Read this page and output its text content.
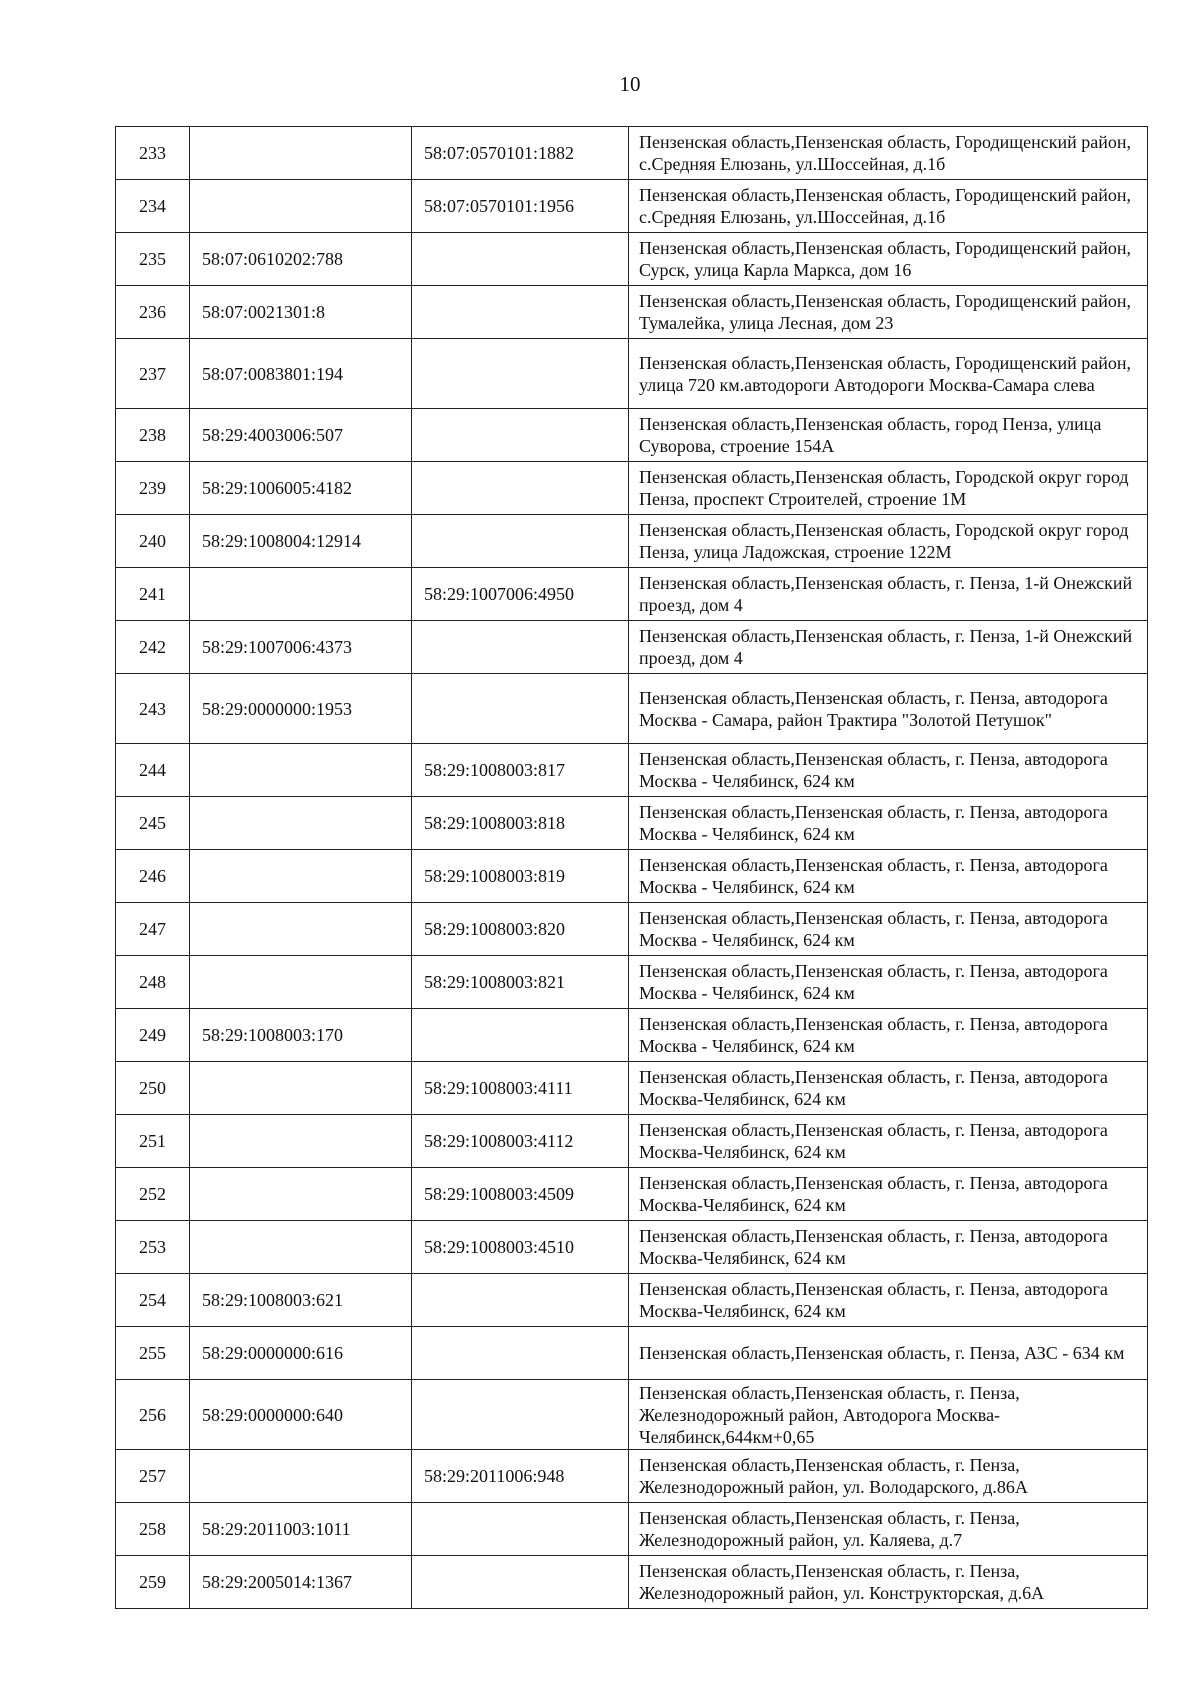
10
233		58:07:0570101:1882	Пензенская область,Пензенская область, Городищенский район, с.Средняя Елюзань, ул.Шоссейная, д.1б
234		58:07:0570101:1956	Пензенская область,Пензенская область, Городищенский район, с.Средняя Елюзань, ул.Шоссейная, д.1б
235	58:07:0610202:788		Пензенская область,Пензенская область, Городищенский район, Сурск, улица Карла Маркса, дом 16
236	58:07:0021301:8		Пензенская область,Пензенская область, Городищенский район, Тумалейка, улица Лесная, дом 23
237	58:07:0083801:194		Пензенская область,Пензенская область, Городищенский район, улица 720 км.автодороги Автодороги Москва-Самара слева
238	58:29:4003006:507		Пензенская область,Пензенская область, город Пенза, улица Суворова, строение 154А
239	58:29:1006005:4182		Пензенская область,Пензенская область, Городской округ город Пенза, проспект Строителей, строение 1М
240	58:29:1008004:12914		Пензенская область,Пензенская область, Городской округ город Пенза, улица Ладожская, строение 122М
241		58:29:1007006:4950	Пензенская область,Пензенская область, г. Пенза, 1-й Онежский проезд, дом 4
242	58:29:1007006:4373		Пензенская область,Пензенская область, г. Пенза, 1-й Онежский проезд, дом 4
243	58:29:0000000:1953		Пензенская область,Пензенская область, г. Пенза, автодорога Москва - Самара, район Трактира "Золотой Петушок"
244		58:29:1008003:817	Пензенская область,Пензенская область, г. Пенза, автодорога Москва - Челябинск, 624 км
245		58:29:1008003:818	Пензенская область,Пензенская область, г. Пенза, автодорога Москва - Челябинск, 624 км
246		58:29:1008003:819	Пензенская область,Пензенская область, г. Пенза, автодорога Москва - Челябинск, 624 км
247		58:29:1008003:820	Пензенская область,Пензенская область, г. Пенза, автодорога Москва - Челябинск, 624 км
248		58:29:1008003:821	Пензенская область,Пензенская область, г. Пенза, автодорога Москва - Челябинск, 624 км
249	58:29:1008003:170		Пензенская область,Пензенская область, г. Пенза, автодорога Москва - Челябинск, 624 км
250		58:29:1008003:4111	Пензенская область,Пензенская область, г. Пенза, автодорога Москва-Челябинск, 624 км
251		58:29:1008003:4112	Пензенская область,Пензенская область, г. Пенза, автодорога Москва-Челябинск, 624 км
252		58:29:1008003:4509	Пензенская область,Пензенская область, г. Пенза, автодорога Москва-Челябинск, 624 км
253		58:29:1008003:4510	Пензенская область,Пензенская область, г. Пенза, автодорога Москва-Челябинск, 624 км
254	58:29:1008003:621		Пензенская область,Пензенская область, г. Пенза, автодорога Москва-Челябинск, 624 км
255	58:29:0000000:616		Пензенская область,Пензенская область, г. Пенза, АЗС - 634 км
256	58:29:0000000:640		Пензенская область,Пензенская область, г. Пенза, Железнодорожный район, Автодорога Москва-Челябинск,644км+0,65
257		58:29:2011006:948	Пензенская область,Пензенская область, г. Пенза, Железнодорожный район, ул. Володарского, д.86А
258	58:29:2011003:1011		Пензенская область,Пензенская область, г. Пенза, Железнодорожный район, ул. Каляева, д.7
259	58:29:2005014:1367		Пензенская область,Пензенская область, г. Пенза, Железнодорожный район, ул. Конструкторская, д.6А
